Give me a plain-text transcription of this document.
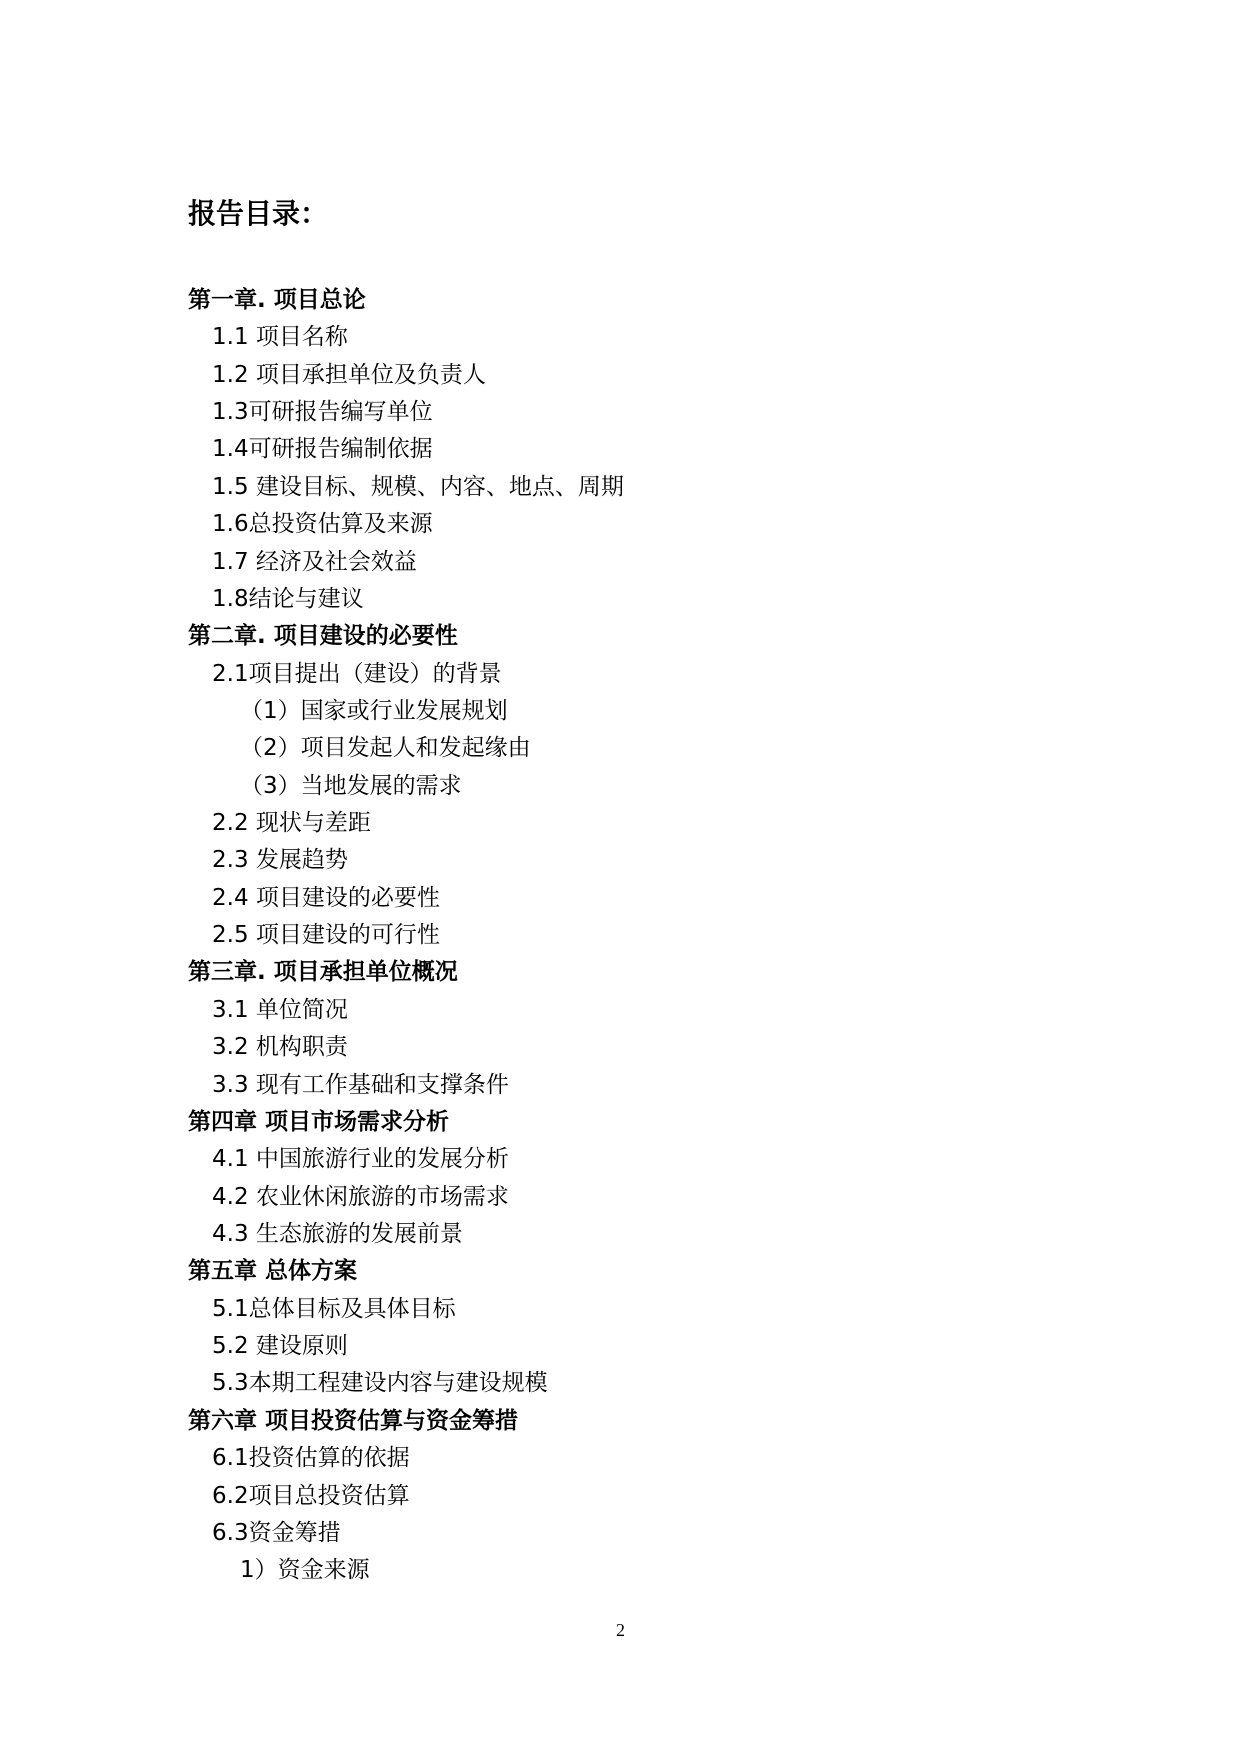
报告目录：
第一章. 项目总论
1.1 项目名称
1.2 项目承担单位及负责人
1.3可研报告编写单位
1.4可研报告编制依据
1.5 建设目标、规模、内容、地点、周期
1.6总投资估算及来源
1.7 经济及社会效益
1.8结论与建议
第二章. 项目建设的必要性
2.1项目提出（建设）的背景
（1）国家或行业发展规划
（2）项目发起人和发起缘由
（3）当地发展的需求
2.2 现状与差距
2.3 发展趋势
2.4 项目建设的必要性
2.5 项目建设的可行性
第三章. 项目承担单位概况
3.1 单位简况
3.2 机构职责
3.3 现有工作基础和支撑条件
第四章 项目市场需求分析
4.1 中国旅游行业的发展分析
4.2 农业休闲旅游的市场需求
4.3 生态旅游的发展前景
第五章 总体方案
5.1总体目标及具体目标
5.2 建设原则
5.3本期工程建设内容与建设规模
第六章 项目投资估算与资金筹措
6.1投资估算的依据
6.2项目总投资估算
6.3资金筹措
1）资金来源
2
